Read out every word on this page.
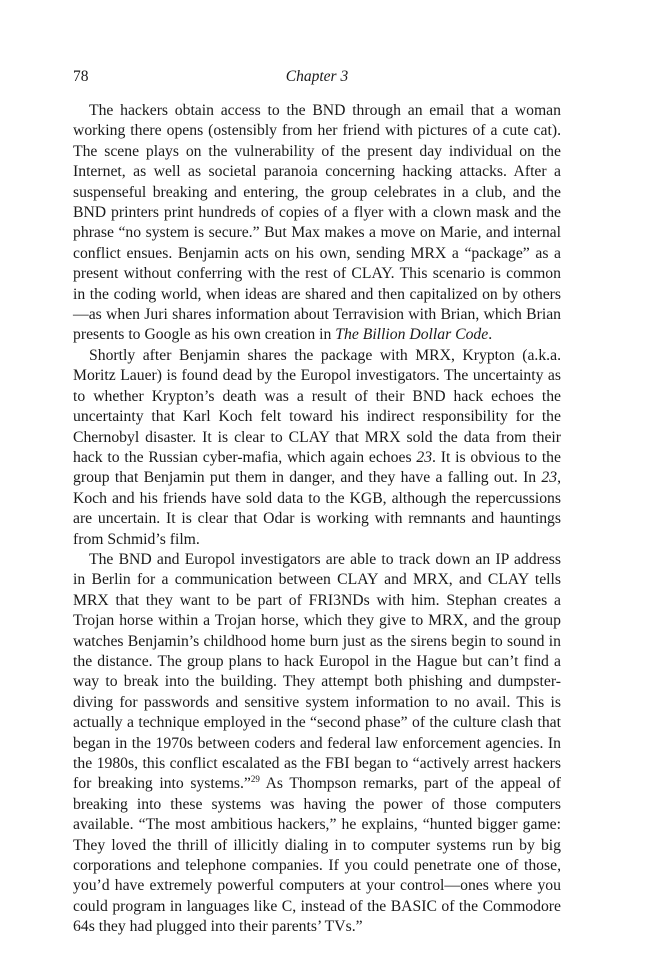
78	Chapter 3

The hackers obtain access to the BND through an email that a woman working there opens (ostensibly from her friend with pictures of a cute cat). The scene plays on the vulnerability of the present day individual on the Internet, as well as societal paranoia concerning hacking attacks. After a suspenseful breaking and entering, the group celebrates in a club, and the BND printers print hundreds of copies of a flyer with a clown mask and the phrase “no system is secure.” But Max makes a move on Marie, and internal conflict ensues. Benjamin acts on his own, sending MRX a “package” as a present without conferring with the rest of CLAY. This scenario is common in the coding world, when ideas are shared and then capitalized on by others—as when Juri shares information about Terravision with Brian, which Brian presents to Google as his own creation in The Billion Dollar Code.

Shortly after Benjamin shares the package with MRX, Krypton (a.k.a. Moritz Lauer) is found dead by the Europol investigators. The uncertainty as to whether Krypton’s death was a result of their BND hack echoes the uncertainty that Karl Koch felt toward his indirect responsibility for the Chernobyl disaster. It is clear to CLAY that MRX sold the data from their hack to the Russian cyber-mafia, which again echoes 23. It is obvious to the group that Benjamin put them in danger, and they have a falling out. In 23, Koch and his friends have sold data to the KGB, although the repercussions are uncertain. It is clear that Odar is working with remnants and hauntings from Schmid’s film.

The BND and Europol investigators are able to track down an IP address in Berlin for a communication between CLAY and MRX, and CLAY tells MRX that they want to be part of FRI3NDs with him. Stephan creates a Trojan horse within a Trojan horse, which they give to MRX, and the group watches Benjamin’s childhood home burn just as the sirens begin to sound in the distance. The group plans to hack Europol in the Hague but can’t find a way to break into the building. They attempt both phishing and dumpster-diving for passwords and sensitive system information to no avail. This is actually a technique employed in the “second phase” of the culture clash that began in the 1970s between coders and federal law enforcement agencies. In the 1980s, this conflict escalated as the FBI began to “actively arrest hackers for breaking into systems.”$^{29}$ As Thompson remarks, part of the appeal of breaking into these systems was having the power of those computers available. “The most ambitious hackers,” he explains, “hunted bigger game: They loved the thrill of illicitly dialing in to computer systems run by big corporations and telephone companies. If you could penetrate one of those, you’d have extremely powerful computers at your control—ones where you could program in languages like C, instead of the BASIC of the Commodore 64s they had plugged into their parents’ TVs.”
